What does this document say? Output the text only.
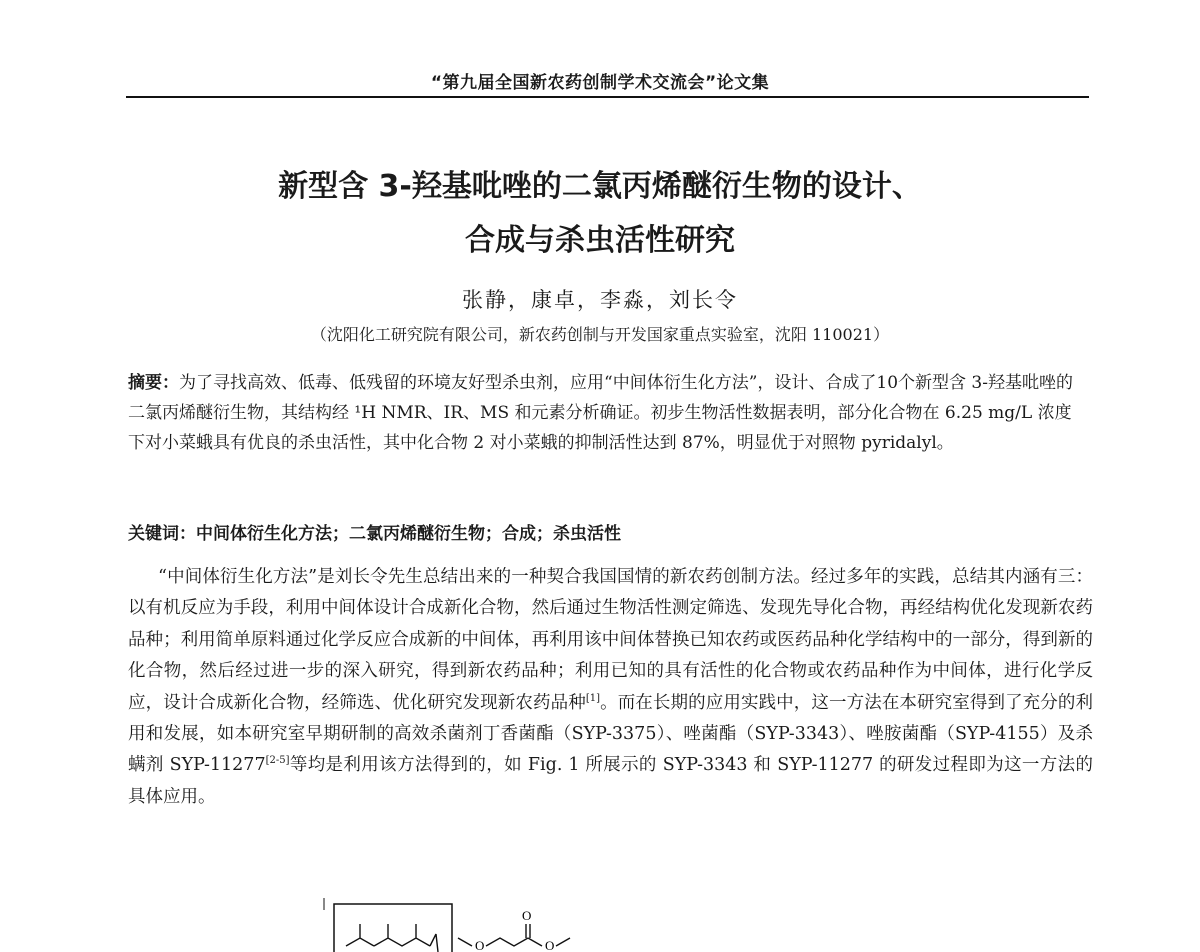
“第九届全国新农药创制学术交流会”论文集
新型含 3-羟基吡唑的二氯丙烯醚衍生物的设计、
合成与杀虫活性研究
张静，康卓，李淼，刘长令
（沈阳化工研究院有限公司，新农药创制与开发国家重点实验室，沈阳 110021）
摘要：为了寻找高效、低毒、低残留的环境友好型杀虫剂，应用“中间体衍生化方法”，设计、合成了10个新型含 3-羟基吡唑的二氯丙烯醚衍生物，其结构经 ¹H NMR、IR、MS 和元素分析确证。初步生物活性数据表明，部分化合物在 6.25 mg/L 浓度下对小菜蛾具有优良的杀虫活性，其中化合物 2 对小菜蛾的抑制活性达到 87%，明显优于对照物 pyridalyl。
关键词：中间体衍生化方法；二氯丙烯醚衍生物；合成；杀虫活性
“中间体衍生化方法”是刘长令先生总结出来的一种契合我国国情的新农药创制方法。经过多年的实践，总结其内涵有三：以有机反应为手段，利用中间体设计合成新化合物，然后通过生物活性测定筛选、发现先导化合物，再经结构优化发现新农药品种；利用简单原料通过化学反应合成新的中间体，再利用该中间体替换已知农药或医药品种化学结构中的一部分，得到新的化合物，然后经过进一步的深入研究，得到新农药品种；利用已知的具有活性的化合物或农药品种作为中间体，进行化学反应，设计合成新化合物，经筛选、优化研究发现新农药品种[1]。而在长期的应用实践中，这一方法在本研究室得到了充分的利用和发展，如本研究室早期研制的高效杀菌剂丁香菌酯（SYP-3375）、唑菌酯（SYP-3343）、唑胺菌酯（SYP-4155）及杀螨剂 SYP-11277[2-5]等均是利用该方法得到的，如 Fig. 1 所展示的 SYP-3343 和 SYP-11277 的研发过程即为这一方法的具体应用。
O
O
O
